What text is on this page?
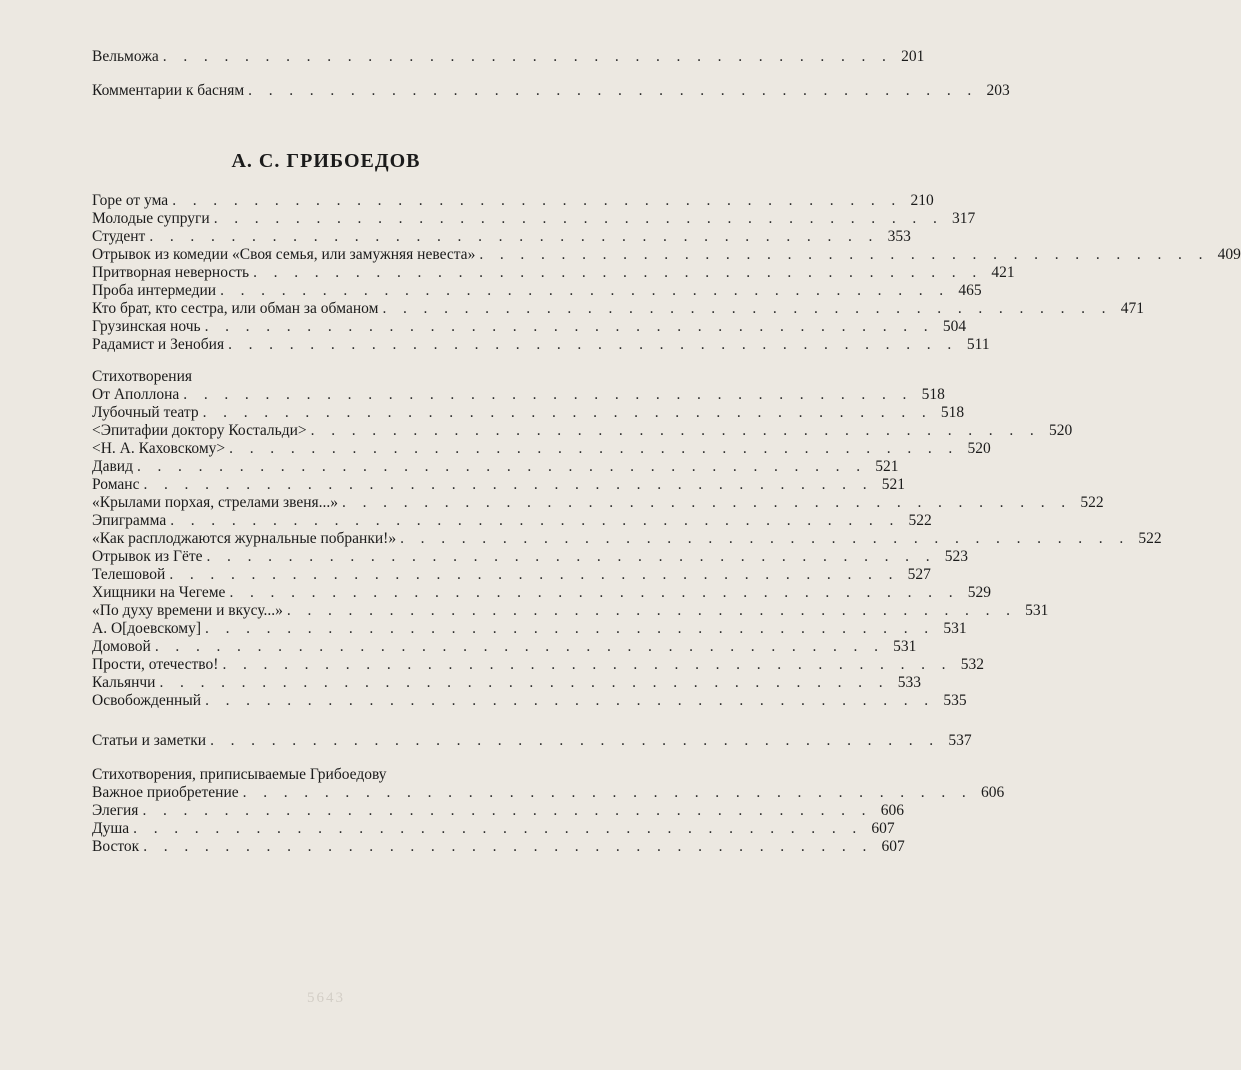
Вельможа . . . . . . . . . . . . . . . . . . . . . . . . . . . . . . . . . . . . 201
Комментарии к басням . . . . . . . . . . . . . . . . . . . . . . . . . . . . . . . . . . . . 203
А. С. ГРИБОЕДОВ
Горе от ума . . . . . . . . . . . . . . . . . . . . . . . . . . . . . . . . . . . . 210
Молодые супруги . . . . . . . . . . . . . . . . . . . . . . . . . . . . . . . . . . . . 317
Студент . . . . . . . . . . . . . . . . . . . . . . . . . . . . . . . . . . . . 353
Отрывок из комедии «Своя семья, или замужняя невеста» . . . . . . . . . . . . . . . . . . . . . . . . . . . . . . . . . . . . 409
Притворная неверность . . . . . . . . . . . . . . . . . . . . . . . . . . . . . . . . . . . . 421
Проба интермедии . . . . . . . . . . . . . . . . . . . . . . . . . . . . . . . . . . . . 465
Кто брат, кто сестра, или обман за обманом . . . . . . . . . . . . . . . . . . . . . . . . . . . . . . . . . . . . 471
Грузинская ночь . . . . . . . . . . . . . . . . . . . . . . . . . . . . . . . . . . . . 504
Радамист и Зенобия . . . . . . . . . . . . . . . . . . . . . . . . . . . . . . . . . . . . 511
Стихотворения
От Аполлона . . . . . . . . . . . . . . . . . . . . . . . . . . . . . . . . . . . . 518
Лубочный театр . . . . . . . . . . . . . . . . . . . . . . . . . . . . . . . . . . . . 518
<Эпитафии доктору Костальди> . . . . . . . . . . . . . . . . . . . . . . . . . . . . . . . . . . . . 520
<Н. А. Каховскому> . . . . . . . . . . . . . . . . . . . . . . . . . . . . . . . . . . . . 520
Давид . . . . . . . . . . . . . . . . . . . . . . . . . . . . . . . . . . . . 521
Романс . . . . . . . . . . . . . . . . . . . . . . . . . . . . . . . . . . . . 521
«Крылами порхая, стрелами звеня...» . . . . . . . . . . . . . . . . . . . . . . . . . . . . . . . . . . . . 522
Эпиграмма . . . . . . . . . . . . . . . . . . . . . . . . . . . . . . . . . . . . 522
«Как расплоджаются журнальные побранки!» . . . . . . . . . . . . . . . . . . . . . . . . . . . . . . . . . . . . 522
Отрывок из Гёте . . . . . . . . . . . . . . . . . . . . . . . . . . . . . . . . . . . . 523
Телешовой . . . . . . . . . . . . . . . . . . . . . . . . . . . . . . . . . . . . 527
Хищники на Чегеме . . . . . . . . . . . . . . . . . . . . . . . . . . . . . . . . . . . . 529
«По духу времени и вкусу...» . . . . . . . . . . . . . . . . . . . . . . . . . . . . . . . . . . . . 531
А. О[доевскому] . . . . . . . . . . . . . . . . . . . . . . . . . . . . . . . . . . . . 531
Домовой . . . . . . . . . . . . . . . . . . . . . . . . . . . . . . . . . . . . 531
Прости, отечество! . . . . . . . . . . . . . . . . . . . . . . . . . . . . . . . . . . . . 532
Кальянчи . . . . . . . . . . . . . . . . . . . . . . . . . . . . . . . . . . . . 533
Освобожденный . . . . . . . . . . . . . . . . . . . . . . . . . . . . . . . . . . . . 535
Статьи и заметки . . . . . . . . . . . . . . . . . . . . . . . . . . . . . . . . . . . . 537
Стихотворения, приписываемые Грибоедову
Важное приобретение . . . . . . . . . . . . . . . . . . . . . . . . . . . . . . . . . . . . 606
Элегия . . . . . . . . . . . . . . . . . . . . . . . . . . . . . . . . . . . . 606
Душа . . . . . . . . . . . . . . . . . . . . . . . . . . . . . . . . . . . . 607
Восток . . . . . . . . . . . . . . . . . . . . . . . . . . . . . . . . . . . . 607
5643
